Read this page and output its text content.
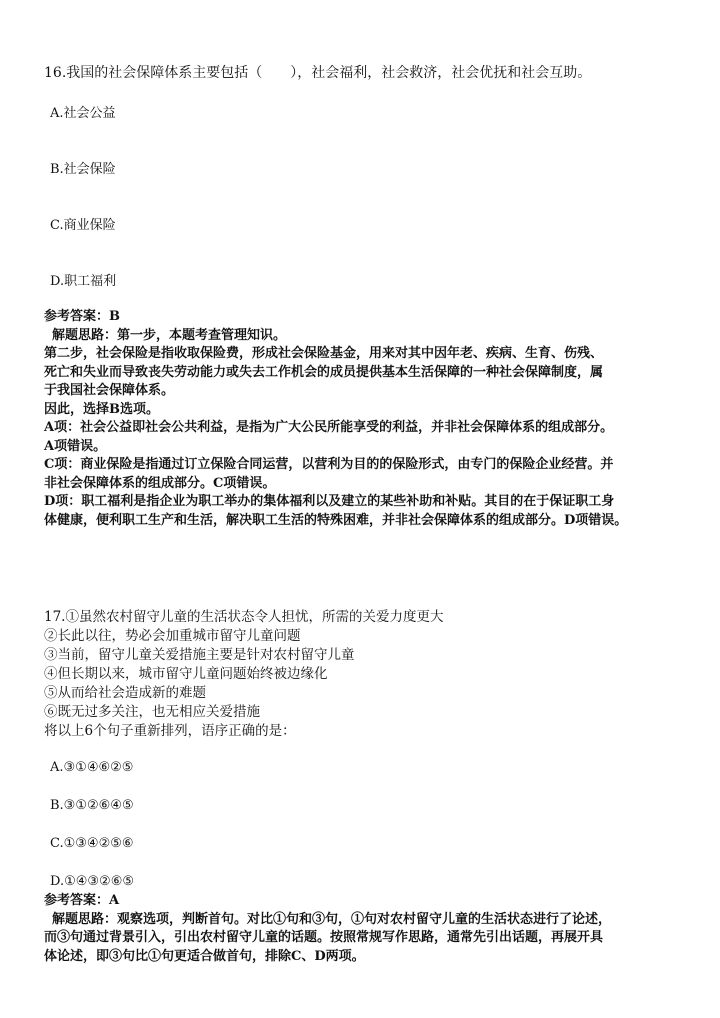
16.我国的社会保障体系主要包括（　　），社会福利，社会救济，社会优抚和社会互助。
A.社会公益
B.社会保险
C.商业保险
D.职工福利
参考答案：B
解题思路：第一步，本题考查管理知识。
第二步，社会保险是指收取保险费，形成社会保险基金，用来对其中因年老、疾病、生育、伤残、
死亡和失业而导致丧失劳动能力或失去工作机会的成员提供基本生活保障的一种社会保障制度，属
于我国社会保障体系。
因此，选择B选项。
A项：社会公益即社会公共利益，是指为广大公民所能享受的利益，并非社会保障体系的组成部分。
A项错误。
C项：商业保险是指通过订立保险合同运营，以营利为目的的保险形式，由专门的保险企业经营。并
非社会保障体系的组成部分。C项错误。
D项：职工福利是指企业为职工举办的集体福利以及建立的某些补助和补贴。其目的在于保证职工身
体健康，便利职工生产和生活，解决职工生活的特殊困难，并非社会保障体系的组成部分。D项错误。
17.①虽然农村留守儿童的生活状态令人担忧，所需的关爱力度更大
②长此以往，势必会加重城市留守儿童问题
③当前，留守儿童关爱措施主要是针对农村留守儿童
④但长期以来，城市留守儿童问题始终被边缘化
⑤从而给社会造成新的难题
⑥既无过多关注，也无相应关爱措施
将以上6个句子重新排列，语序正确的是：
A.③①④⑥②⑤
B.③①②⑥④⑤
C.①③④②⑤⑥
D.①④③②⑥⑤
参考答案：A
解题思路：观察选项，判断首句。对比①句和③句，①句对农村留守儿童的生活状态进行了论述，
而③句通过背景引入，引出农村留守儿童的话题。按照常规写作思路，通常先引出话题，再展开具
体论述，即③句比①句更适合做首句，排除C、D两项。
